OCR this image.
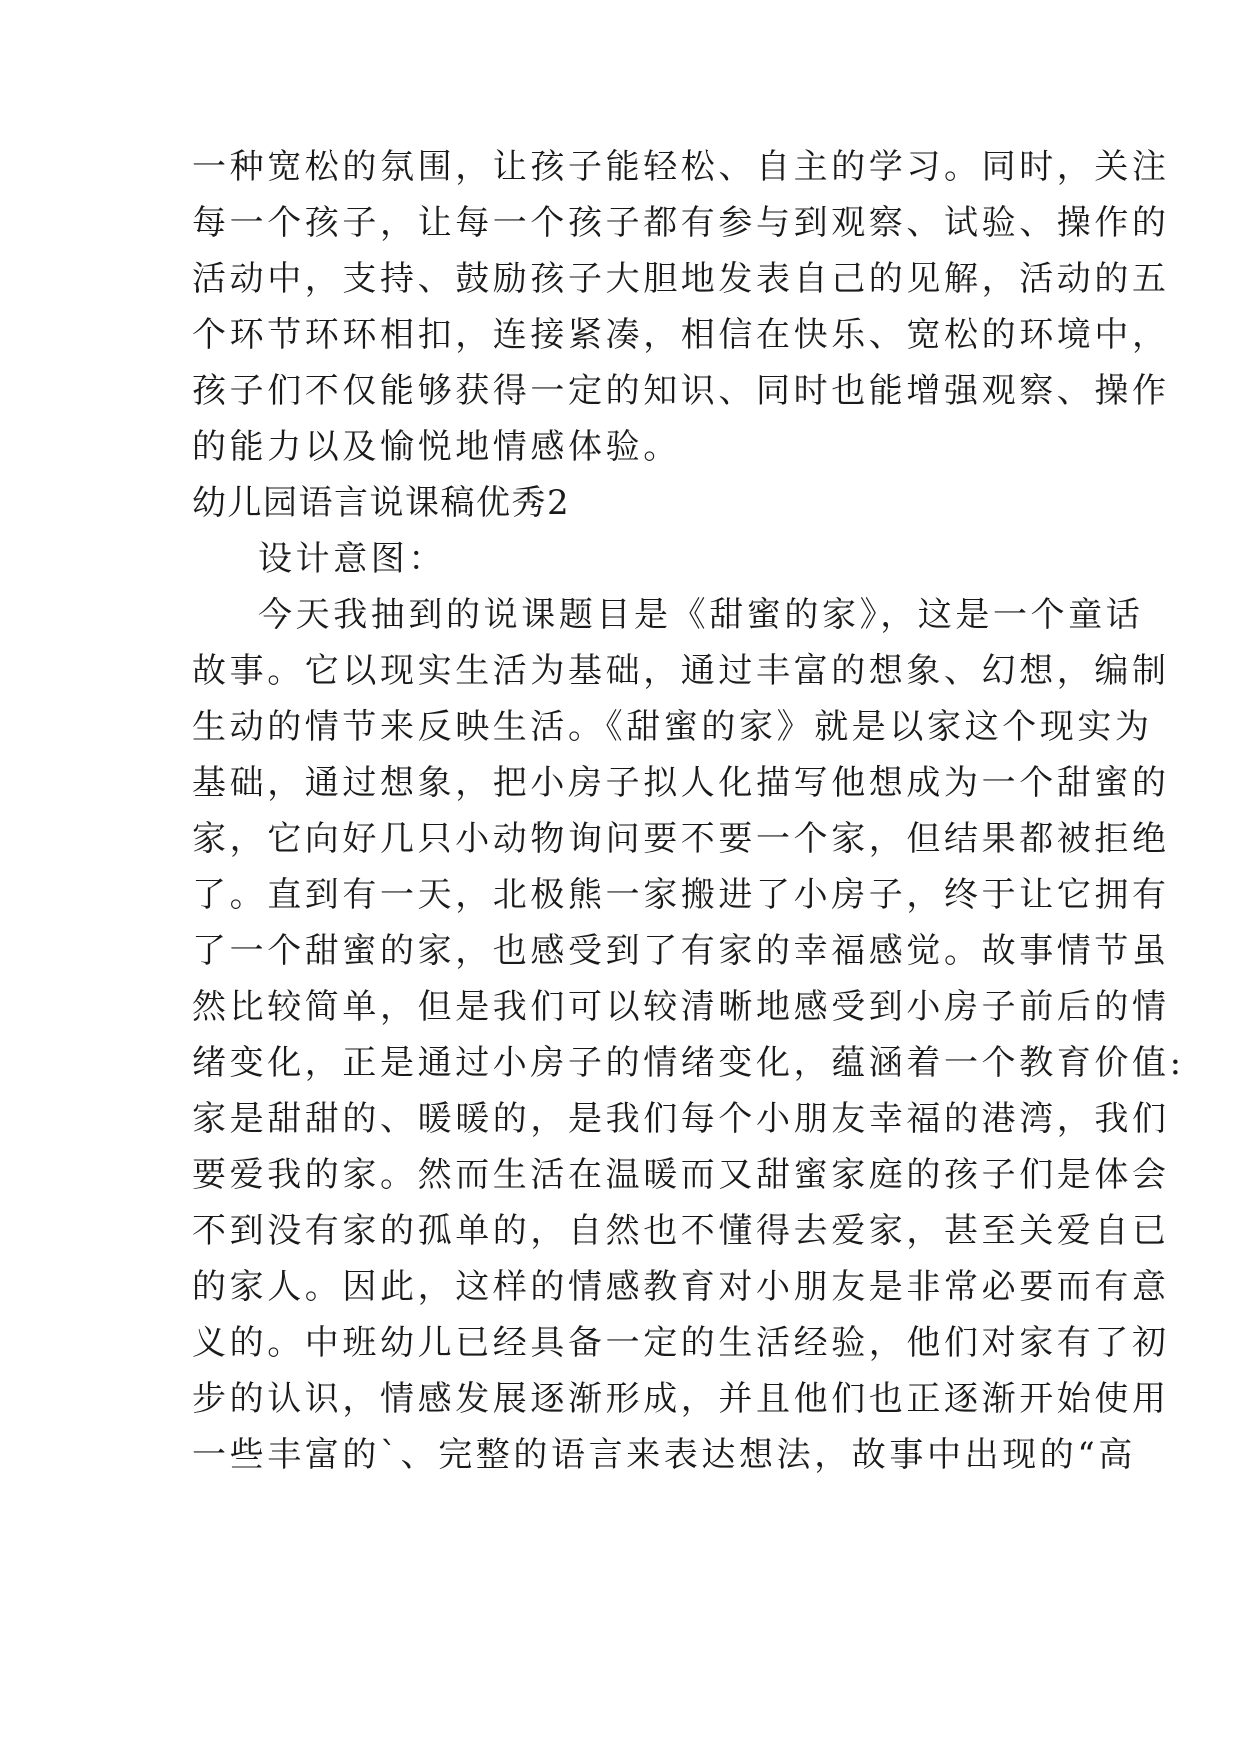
一种宽松的氛围，让孩子能轻松、自主的学习。同时，关注
每一个孩子，让每一个孩子都有参与到观察、试验、操作的
活动中，支持、鼓励孩子大胆地发表自己的见解，活动的五
个环节环环相扣，连接紧凑，相信在快乐、宽松的环境中，
孩子们不仅能够获得一定的知识、同时也能增强观察、操作
的能力以及愉悦地情感体验。
幼儿园语言说课稿优秀2
设计意图：
今天我抽到的说课题目是《甜蜜的家》，这是一个童话
故事。它以现实生活为基础，通过丰富的想象、幻想，编制
生动的情节来反映生活。《甜蜜的家》就是以家这个现实为
基础，通过想象，把小房子拟人化描写他想成为一个甜蜜的
家，它向好几只小动物询问要不要一个家，但结果都被拒绝
了。直到有一天，北极熊一家搬进了小房子，终于让它拥有
了一个甜蜜的家，也感受到了有家的幸福感觉。故事情节虽
然比较简单，但是我们可以较清晰地感受到小房子前后的情
绪变化，正是通过小房子的情绪变化，蕴涵着一个教育价值:
家是甜甜的、暖暖的，是我们每个小朋友幸福的港湾，我们
要爱我的家。然而生活在温暖而又甜蜜家庭的孩子们是体会
不到没有家的孤单的，自然也不懂得去爱家，甚至关爱自已
的家人。因此，这样的情感教育对小朋友是非常必要而有意
义的。中班幼儿已经具备一定的生活经验，他们对家有了初
步的认识，情感发展逐渐形成，并且他们也正逐渐开始使用
一些丰富的`、完整的语言来表达想法，故事中出现的“高
